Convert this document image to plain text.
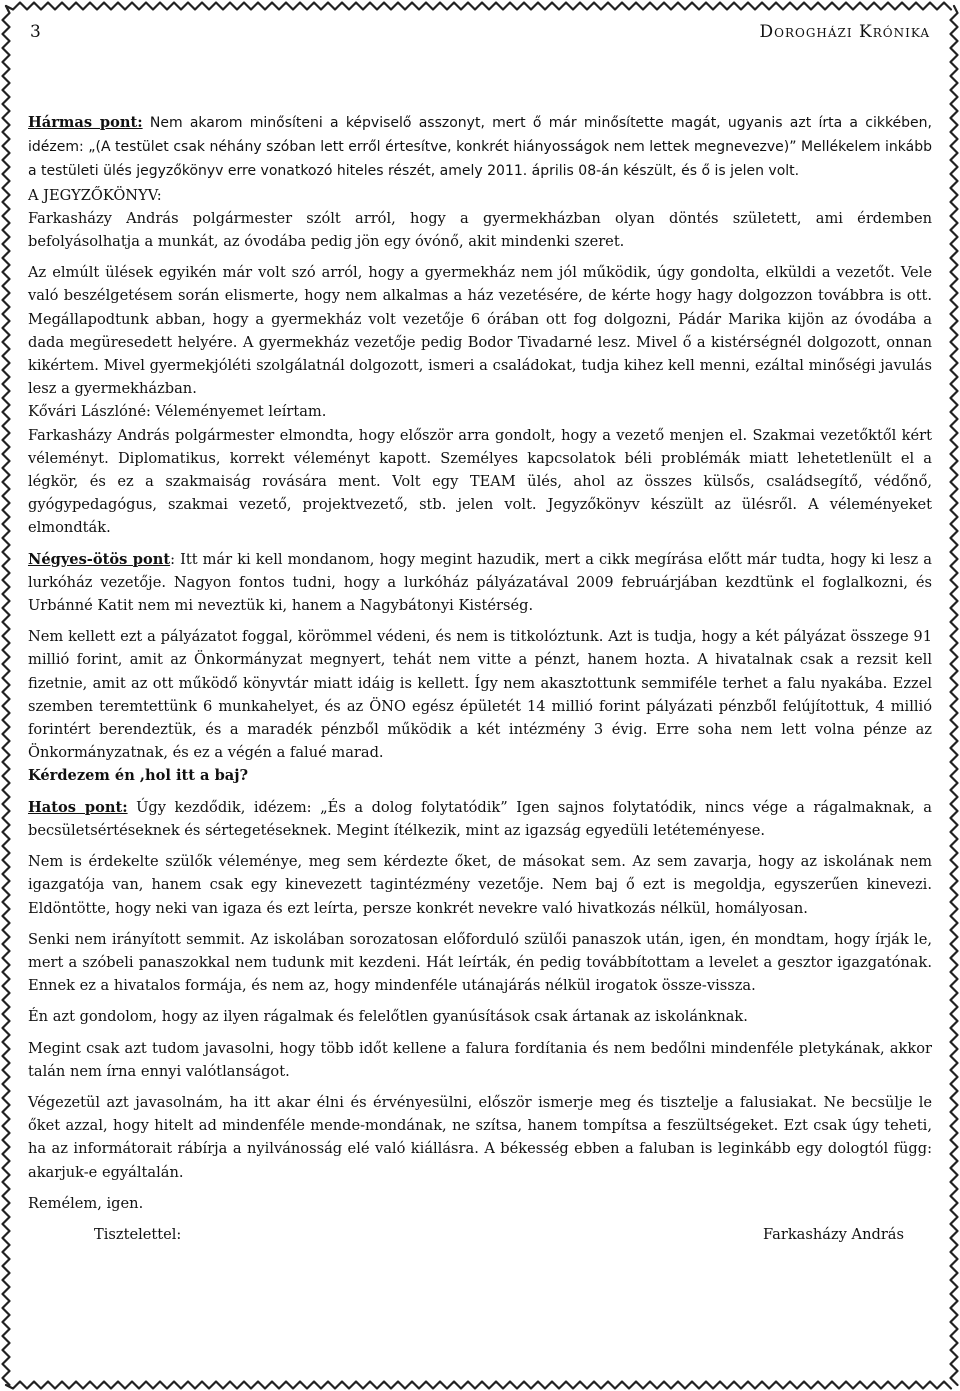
3	Dorogházi Krónika

Hármas pont: Nem akarom minősíteni a képviselő asszonyt, mert ő már minősítette magát, ugyanis azt írta a cikkében, idézem: „(A testület csak néhány szóban lett erről értesítve, konkrét hiányosságok nem lettek megnevezve)” Mellékelem inkább a testületi ülés jegyzőkönyv erre vonatkozó hiteles részét, amely 2011. április 08-án készült, és ő is jelen volt.

A JEGYZŐKÖNYV:

Farkasházy András polgármester szólt arról, hogy a gyermekházban olyan döntés született, ami érdemben befolyásolhatja a munkát, az óvodába pedig jön egy óvónő, akit mindenki szeret.

Az elmúlt ülések egyikén már volt szó arról, hogy a gyermekház nem jól működik, úgy gondolta, elküldi a vezetőt. Vele való beszélgetésem során elismerte, hogy nem alkalmas a ház vezetésére, de kérte hogy hagy dolgozzon továbbra is ott. Megállapodtunk abban, hogy a gyermekház volt vezetője 6 órában ott fog dolgozni, Pádár Marika kijön az óvodába a dada megüresedett helyére. A gyermekház vezetője pedig Bodor Tivadarné lesz. Mivel ő a kistérségnél dolgozott, onnan kikértem. Mivel gyermekjóléti szolgálatnál dolgozott, ismeri a családokat, tudja kihez kell menni, ezáltal minőségi javulás lesz a gyermekházban.

Kővári Lászlóné: Véleményemet leírtam.

Farkasházy András polgármester elmondta, hogy először arra gondolt, hogy a vezető menjen el. Szakmai vezetőktől kért véleményt. Diplomatikus, korrekt véleményt kapott. Személyes kapcsolatok béli problémák miatt lehetetlenült el a légkör, és ez a szakmaiság rovására ment. Volt egy TEAM ülés, ahol az összes külsős, családsegítő, védőnő, gyógypedagógus, szakmai vezető, projektvezető, stb. jelen volt. Jegyzőkönyv készült az ülésről. A véleményeket elmondták.

Négyes-ötös pont: Itt már ki kell mondanom, hogy megint hazudik, mert a cikk megírása előtt már tudta, hogy ki lesz a lurkóház vezetője. Nagyon fontos tudni, hogy a lurkóház pályázatával 2009 februárjában kezdtünk el foglalkozni, és Urbánné Katit nem mi neveztük ki, hanem a Nagybátonyi Kistérség.

Nem kellett ezt a pályázatot foggal, körömmel védeni, és nem is titkolóztunk. Azt is tudja, hogy a két pályázat összege 91 millió forint, amit az Önkormányzat megnyert, tehát nem vitte a pénzt, hanem hozta. A hivatalnak csak a rezsit kell fizetnie, amit az ott működő könyvtár miatt idáig is kellett. Így nem akasztottunk semmiféle terhet a falu nyakába. Ezzel szemben teremtettünk 6 munkahelyet, és az ÖNO egész épületét 14 millió forint pályázati pénzből felújítottuk, 4 millió forintért berendeztük, és a maradék pénzből működik a két intézmény 3 évig. Erre soha nem lett volna pénze az Önkormányzatnak, és ez a végén a falué marad.

Kérdezem én ,hol itt a baj?

Hatos pont: Úgy kezdődik, idézem: „És a dolog folytatódik” Igen sajnos folytatódik, nincs vége a rágalmaknak, a becsületsértéseknek és sértegetéseknek. Megint ítélkezik, mint az igazság egyedüli letéteményese.

Nem is érdekelte szülők véleménye, meg sem kérdezte őket, de másokat sem. Az sem zavarja, hogy az iskolának nem igazgatója van, hanem csak egy kinevezett tagintézmény vezetője. Nem baj ő ezt is megoldja, egyszerűen kinevezi. Eldöntötte, hogy neki van igaza és ezt leírta, persze konkrét nevekre való hivatkozás nélkül, homályosan.

Senki nem irányított semmit. Az iskolában sorozatosan előforduló szülői panaszok után, igen, én mondtam, hogy írják le, mert a szóbeli panaszokkal nem tudunk mit kezdeni. Hát leírták, én pedig továbbítottam a levelet a gesztor igazgatónak. Ennek ez a hivatalos formája, és nem az, hogy mindenféle utánajárás nélkül irogatok össze-vissza.

Én azt gondolom, hogy az ilyen rágalmak és felelőtlen gyanúsítások csak ártanak az iskolánknak.

Megint csak azt tudom javasolni, hogy több időt kellene a falura fordítania és nem bedőlni mindenféle pletykának, akkor talán nem írna ennyi valótlanságot.

Végezetül azt javasolnám, ha itt akar élni és érvényesülni, először ismerje meg és tisztelje a falusiakat. Ne becsülje le őket azzal, hogy hitelt ad mindenféle mende-mondának, ne szítsa, hanem tompítsa a feszültségeket. Ezt csak úgy teheti, ha az informátorait rábírja a nyilvánosság elé való kiállásra. A békesség ebben a faluban is leginkább egy dologtól függ: akarjuk-e egyáltalán.

Remélem, igen.

Tisztelettel:	Farkasházy András
